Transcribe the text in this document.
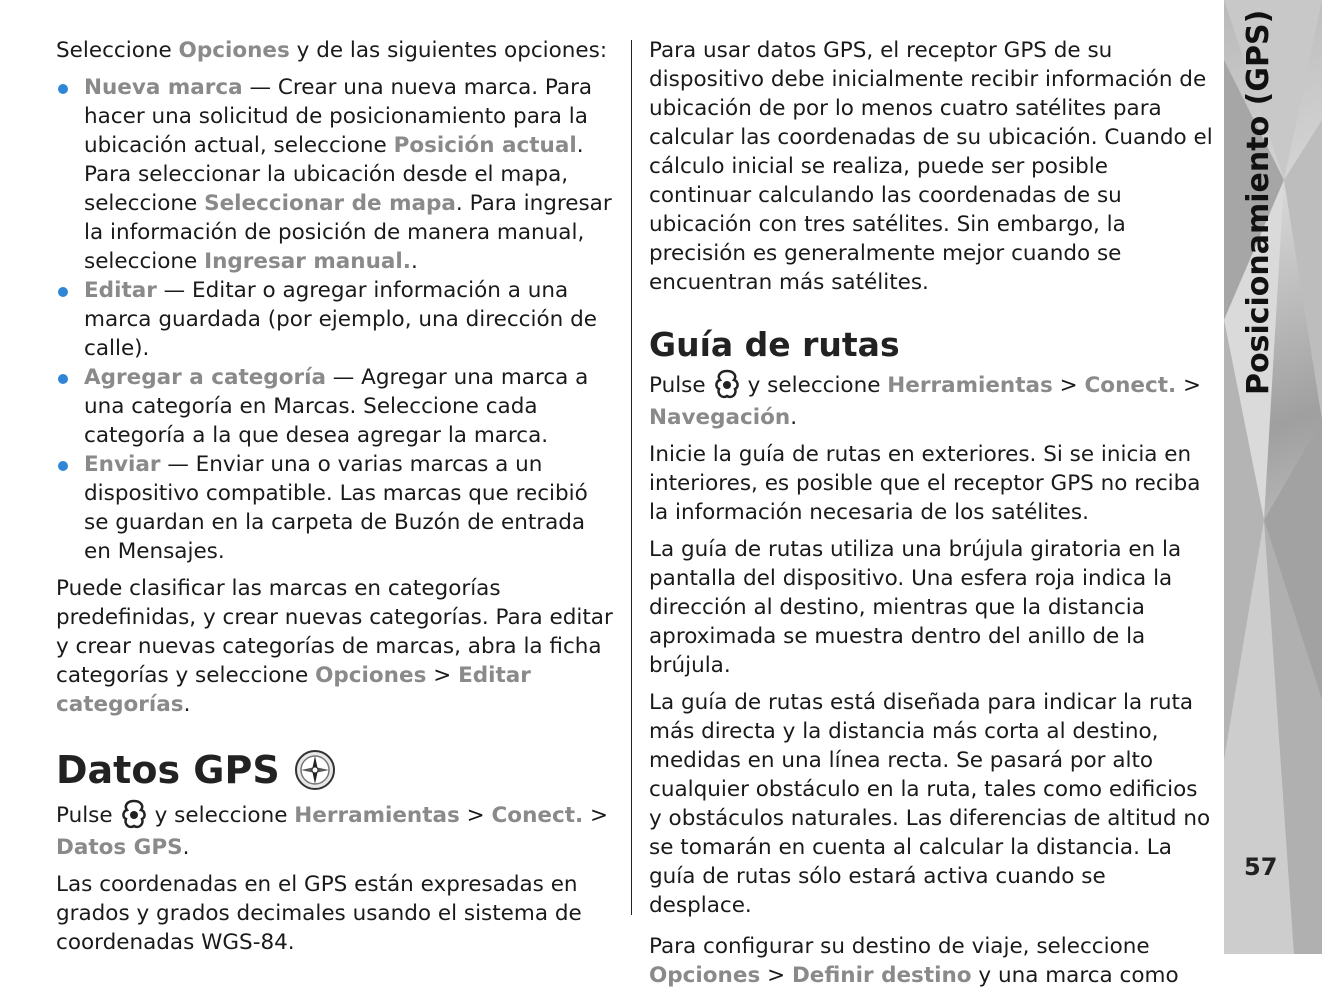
Seleccione Opciones y de las siguientes opciones:

Nueva marca — Crear una nueva marca. Para hacer una solicitud de posicionamiento para la ubicación actual, seleccione Posición actual. Para seleccionar la ubicación desde el mapa, seleccione Seleccionar de mapa. Para ingresar la información de posición de manera manual, seleccione Ingresar manual..
Editar — Editar o agregar información a una marca guardada (por ejemplo, una dirección de calle).
Agregar a categoría — Agregar una marca a una categoría en Marcas. Seleccione cada categoría a la que desea agregar la marca.
Enviar — Enviar una o varias marcas a un dispositivo compatible. Las marcas que recibió se guardan en la carpeta de Buzón de entrada en Mensajes.

Puede clasificar las marcas en categorías predefinidas, y crear nuevas categorías. Para editar y crear nuevas categorías de marcas, abra la ficha categorías y seleccione Opciones > Editar categorías.

Datos GPS

Pulse y seleccione Herramientas > Conect. > Datos GPS.

Las coordenadas en el GPS están expresadas en grados y grados decimales usando el sistema de coordenadas WGS-84.

Para usar datos GPS, el receptor GPS de su dispositivo debe inicialmente recibir información de ubicación de por lo menos cuatro satélites para calcular las coordenadas de su ubicación. Cuando el cálculo inicial se realiza, puede ser posible continuar calculando las coordenadas de su ubicación con tres satélites. Sin embargo, la precisión es generalmente mejor cuando se encuentran más satélites.

Guía de rutas

Pulse y seleccione Herramientas > Conect. > Navegación.

Inicie la guía de rutas en exteriores. Si se inicia en interiores, es posible que el receptor GPS no reciba la información necesaria de los satélites.

La guía de rutas utiliza una brújula giratoria en la pantalla del dispositivo. Una esfera roja indica la dirección al destino, mientras que la distancia aproximada se muestra dentro del anillo de la brújula.

La guía de rutas está diseñada para indicar la ruta más directa y la distancia más corta al destino, medidas en una línea recta. Se pasará por alto cualquier obstáculo en la ruta, tales como edificios y obstáculos naturales. Las diferencias de altitud no se tomarán en cuenta al calcular la distancia. La guía de rutas sólo estará activa cuando se desplace.

Para configurar su destino de viaje, seleccione Opciones > Definir destino y una marca como

Posicionamiento (GPS)
57
